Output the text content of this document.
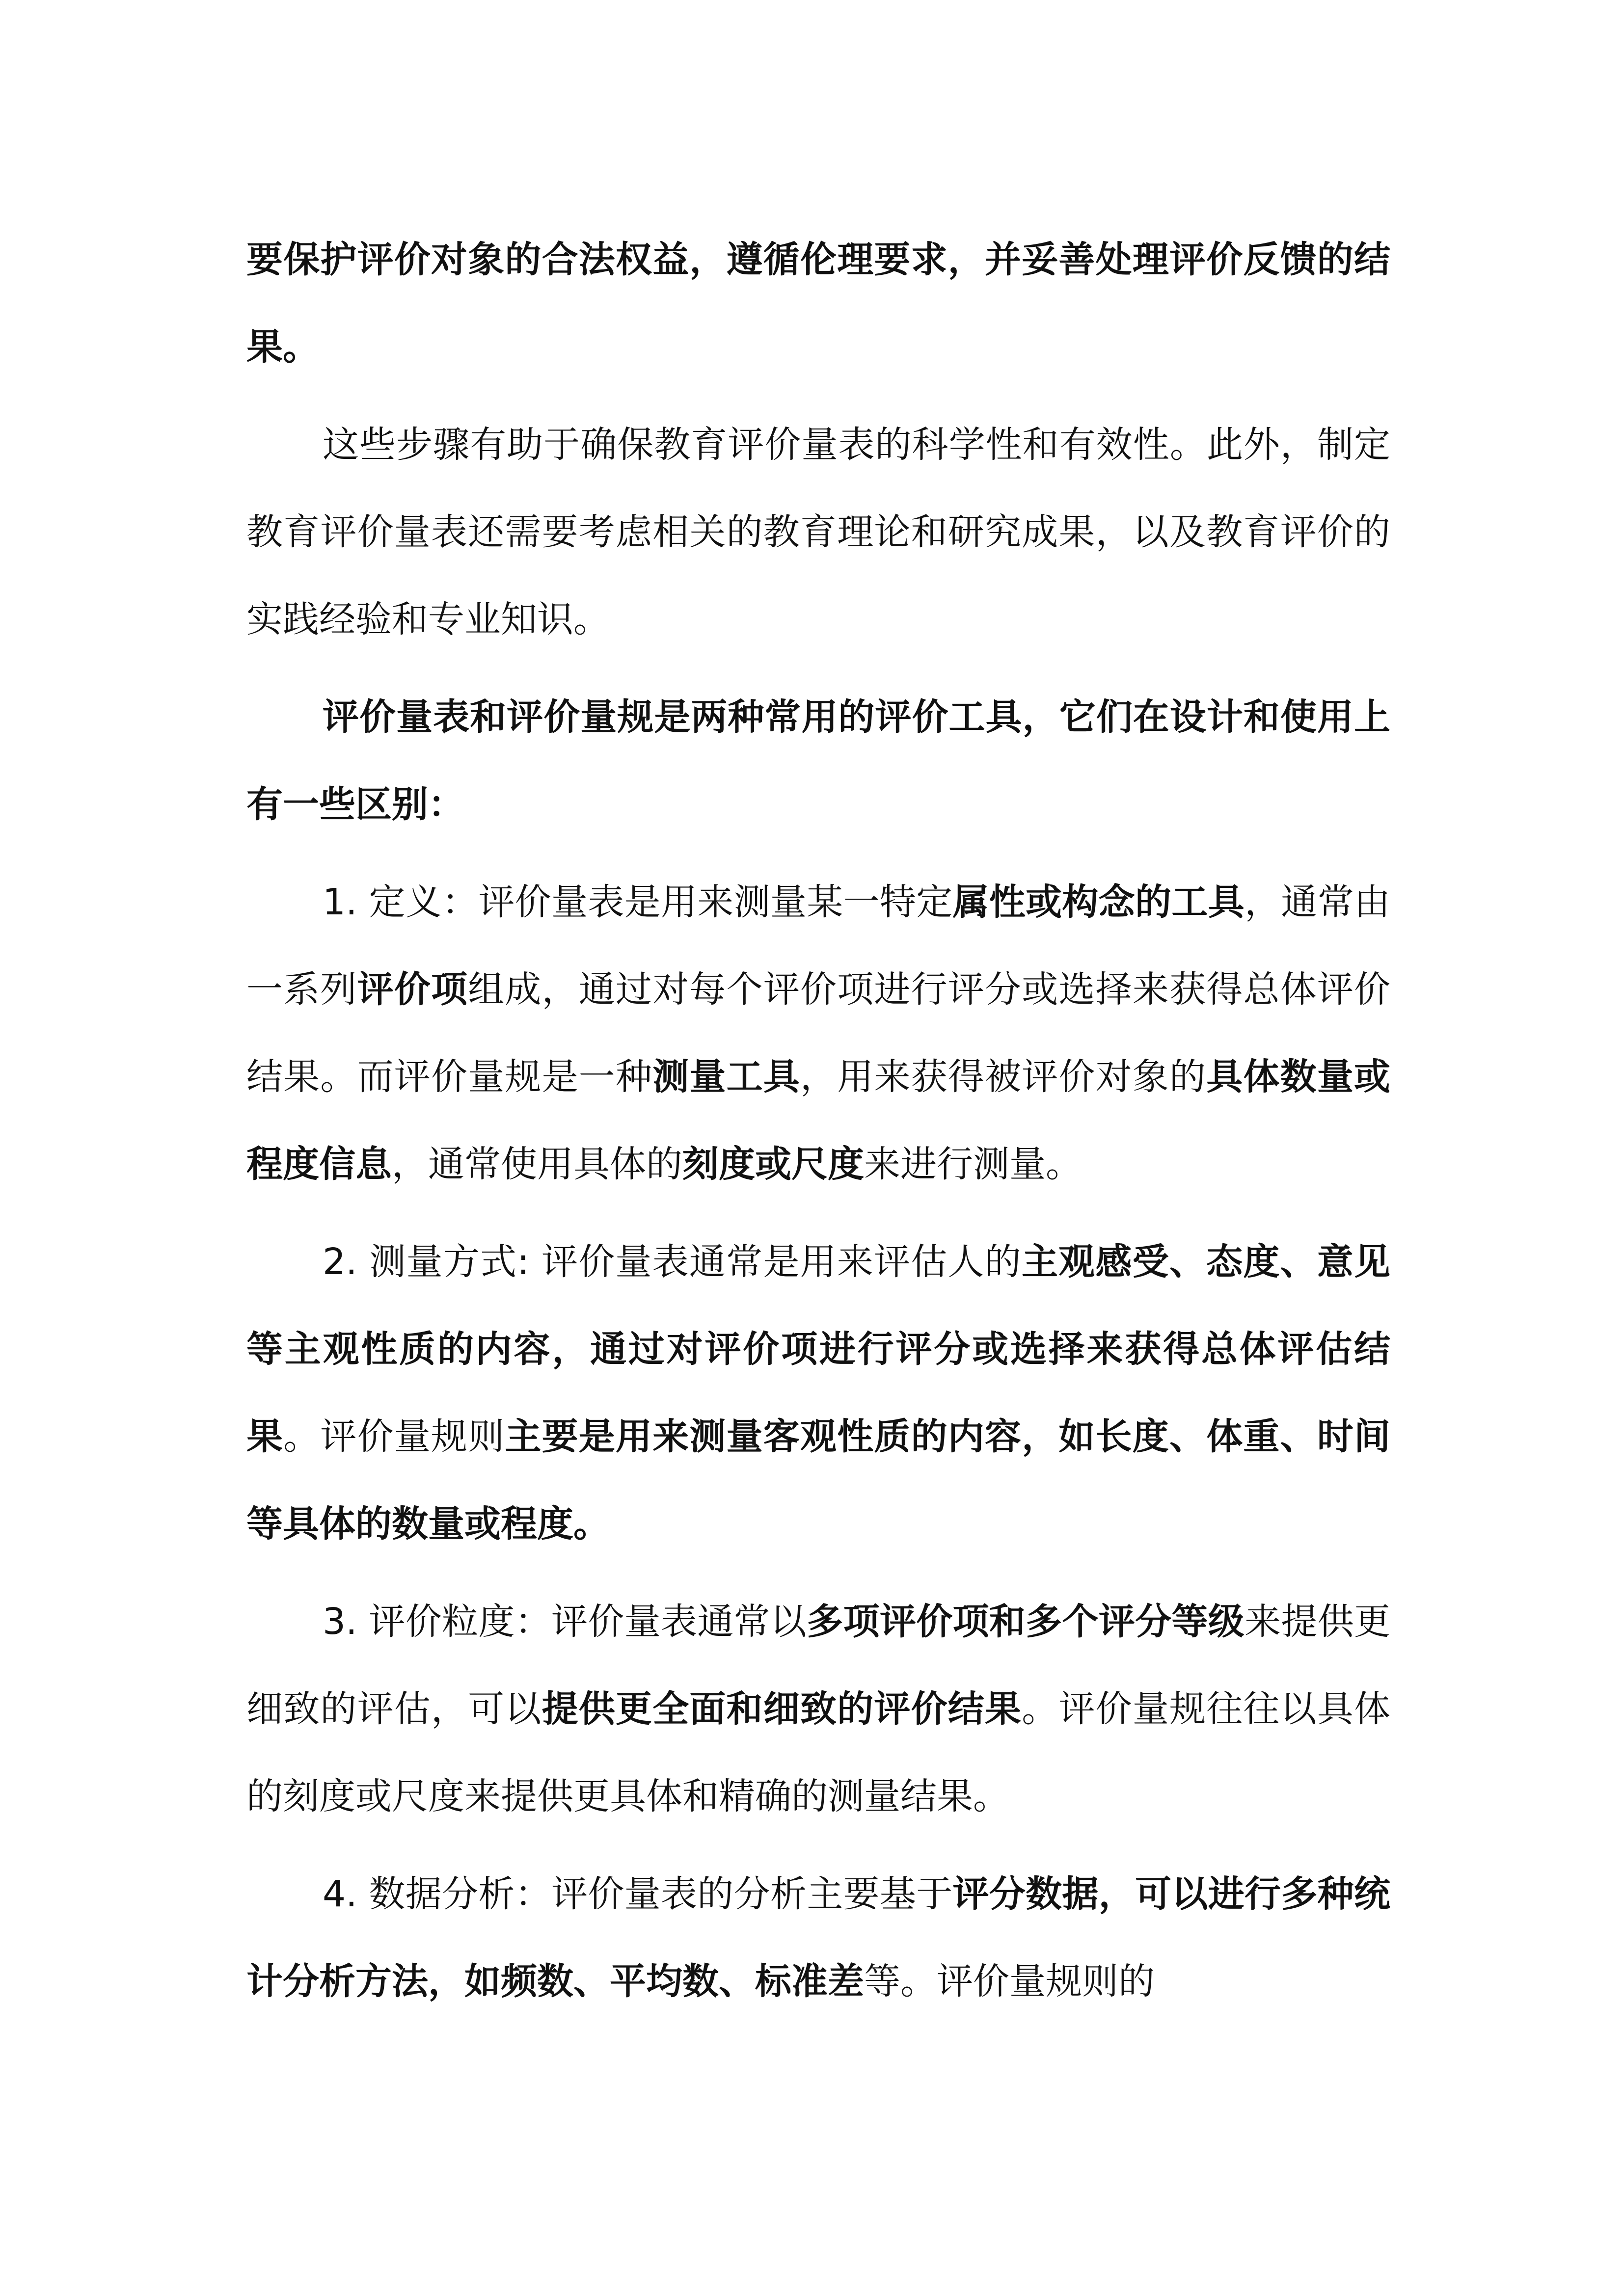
要保护评价对象的合法权益，遵循伦理要求，并妥善处理评价反馈的结果。

这些步骤有助于确保教育评价量表的科学性和有效性。此外，制定教育评价量表还需要考虑相关的教育理论和研究成果，以及教育评价的实践经验和专业知识。

评价量表和评价量规是两种常用的评价工具，它们在设计和使用上有一些区别：

1. 定义：评价量表是用来测量某一特定属性或构念的工具，通常由一系列评价项组成，通过对每个评价项进行评分或选择来获得总体评价结果。而评价量规是一种测量工具，用来获得被评价对象的具体数量或程度信息，通常使用具体的刻度或尺度来进行测量。

2. 测量方式: 评价量表通常是用来评估人的主观感受、态度、意见等主观性质的内容，通过对评价项进行评分或选择来获得总体评估结果。评价量规则主要是用来测量客观性质的内容，如长度、体重、时间等具体的数量或程度。

3. 评价粒度：评价量表通常以多项评价项和多个评分等级来提供更细致的评估，可以提供更全面和细致的评价结果。评价量规往往以具体的刻度或尺度来提供更具体和精确的测量结果。

4. 数据分析：评价量表的分析主要基于评分数据，可以进行多种统计分析方法，如频数、平均数、标准差等。评价量规则的
